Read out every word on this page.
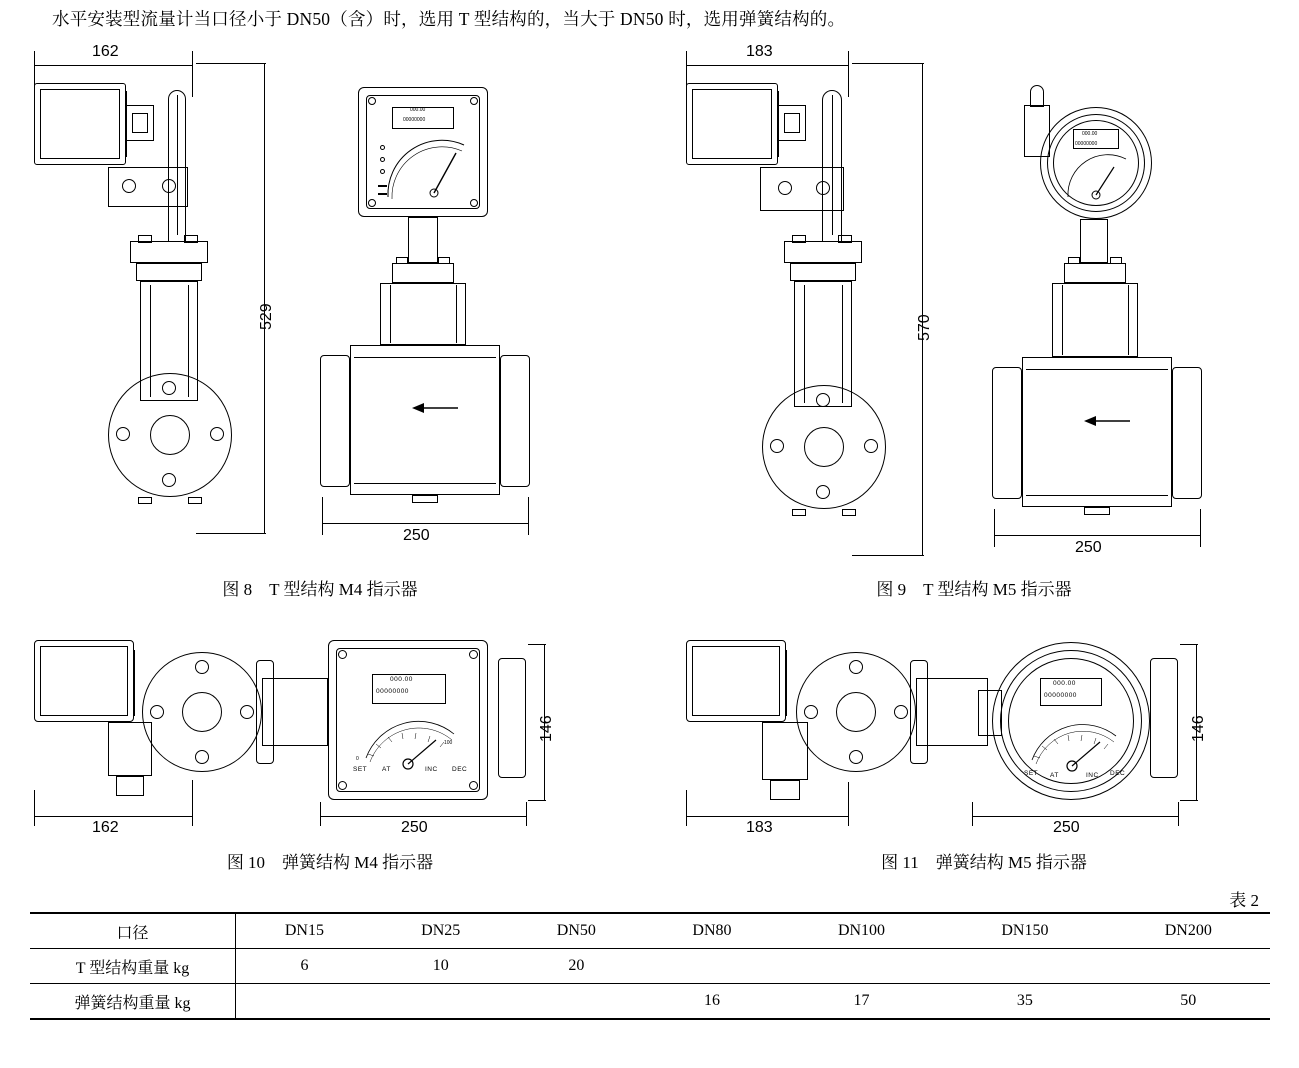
水平安装型流量计当口径小于 DN50（含）时，选用 T 型结构的，当大于 DN50 时，选用弹簧结构的。
162
529
000.00
00000000
250
图 8　T 型结构 M4 指示器
183
570
000.00
00000000
250
图 9　T 型结构 M5 指示器
000.00
00000000
0
100
SET AT	INC DEC
146
162	250
图 10　弹簧结构 M4 指示器
000.00
00000000
SET AT	INC DEC
146
183	250
图 11　弹簧结构 M5 指示器
表 2
口径	DN15	DN25	DN50	DN80	DN100	DN150	DN200
T 型结构重量 kg	6	10	20				
弹簧结构重量 kg				16	17	35	50
